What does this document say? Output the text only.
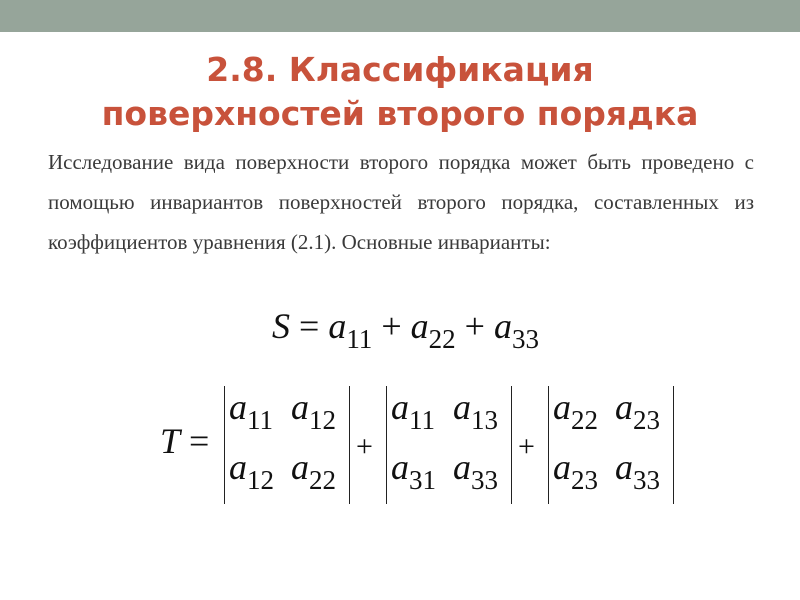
2.8. Классификация
поверхностей второго порядка
Исследование вида поверхности второго порядка может быть проведено с помощью инвариантов поверхностей второго порядка, составленных из коэффициентов уравнения (2.1). Основные инварианты:
$S = a_{11} + a_{22} + a_{33}$
T =
$a_{11}$ $a_{12}$
$a_{12}$ $a_{22}$
+
$a_{11}$ $a_{13}$
$a_{31}$ $a_{33}$
+
$a_{22}$ $a_{23}$
$a_{23}$ $a_{33}$
